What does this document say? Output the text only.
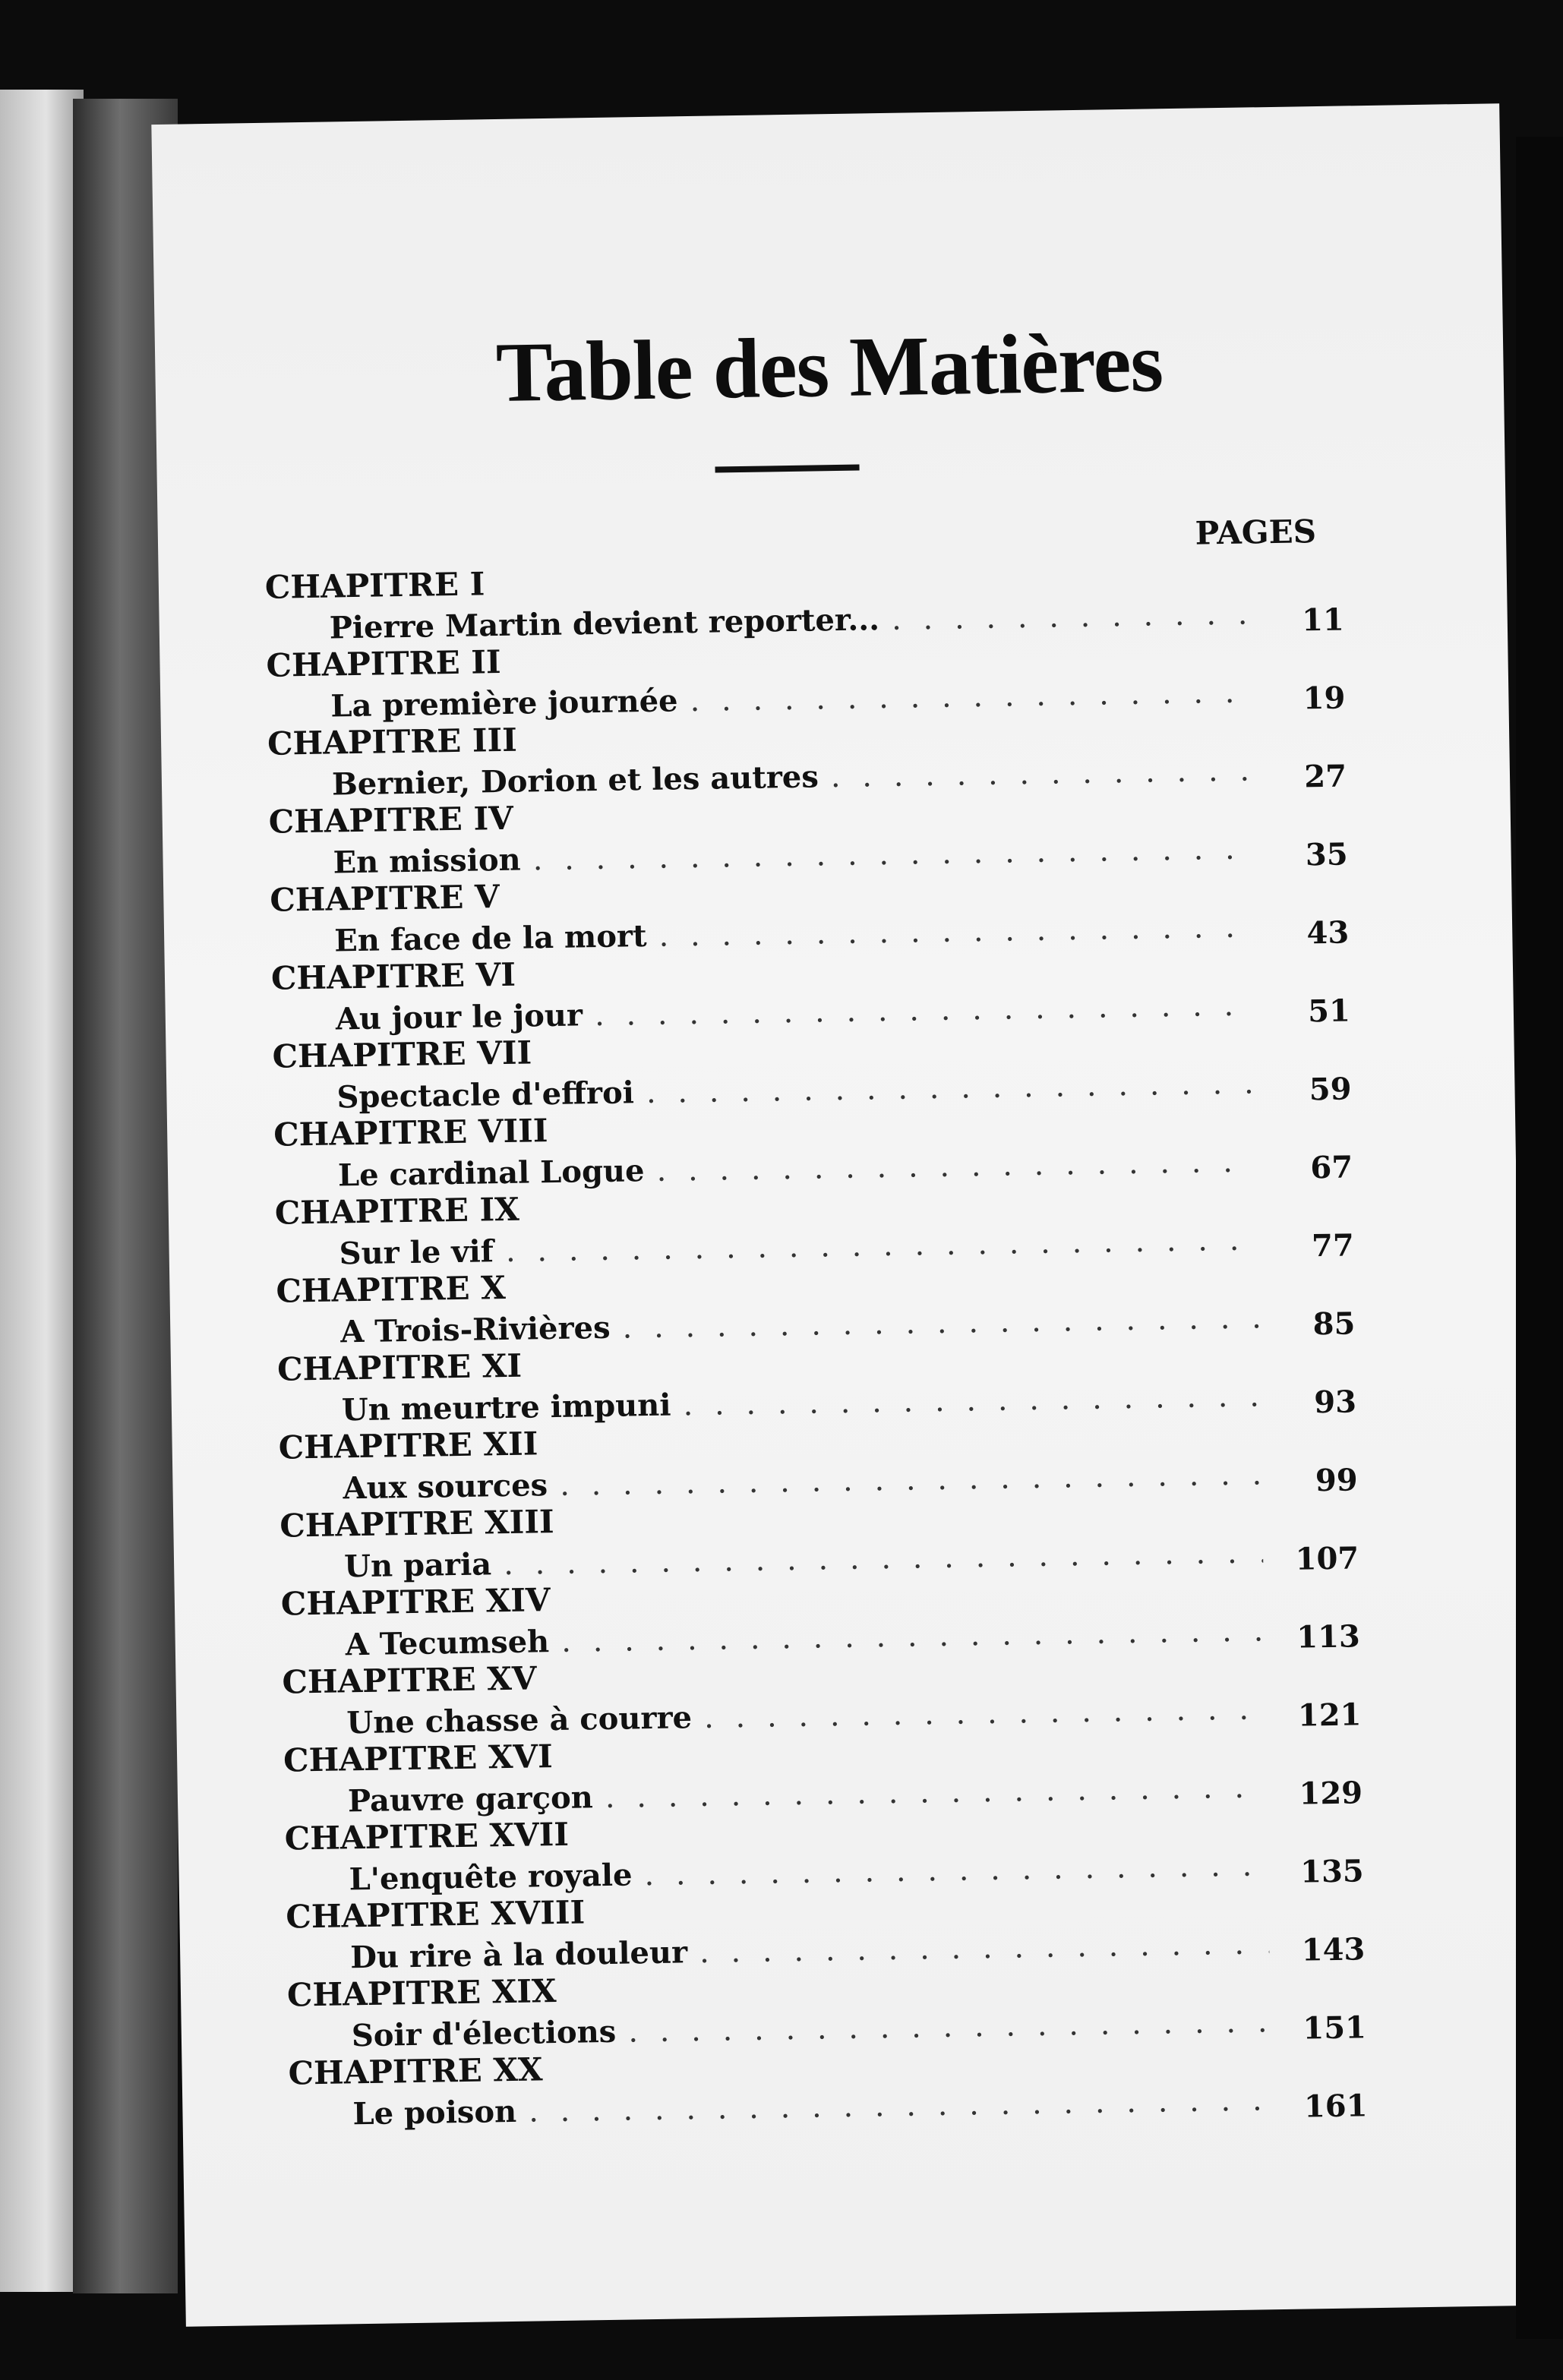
Table des Matières
PAGES
CHAPITRE I
Pierre Martin devient reporter... . . .	11
CHAPITRE II
La première journée . . .	19
CHAPITRE III
Bernier, Dorion et les autres . . .	27
CHAPITRE IV
En mission . . .	35
CHAPITRE V
En face de la mort . . .	43
CHAPITRE VI
Au jour le jour . . .	51
CHAPITRE VII
Spectacle d'effroi . . .	59
CHAPITRE VIII
Le cardinal Logue . . .	67
CHAPITRE IX
Sur le vif . . .	77
CHAPITRE X
A Trois-Rivières . . .	85
CHAPITRE XI
Un meurtre impuni . . .	93
CHAPITRE XII
Aux sources . . .	99
CHAPITRE XIII
Un paria . . .	107
CHAPITRE XIV
A Tecumseh . . .	113
CHAPITRE XV
Une chasse à courre . . .	121
CHAPITRE XVI
Pauvre garçon . . .	129
CHAPITRE XVII
L'enquête royale . . .	135
CHAPITRE XVIII
Du rire à la douleur . . .	143
CHAPITRE XIX
Soir d'élections . . .	151
CHAPITRE XX
Le poison . . .	161
